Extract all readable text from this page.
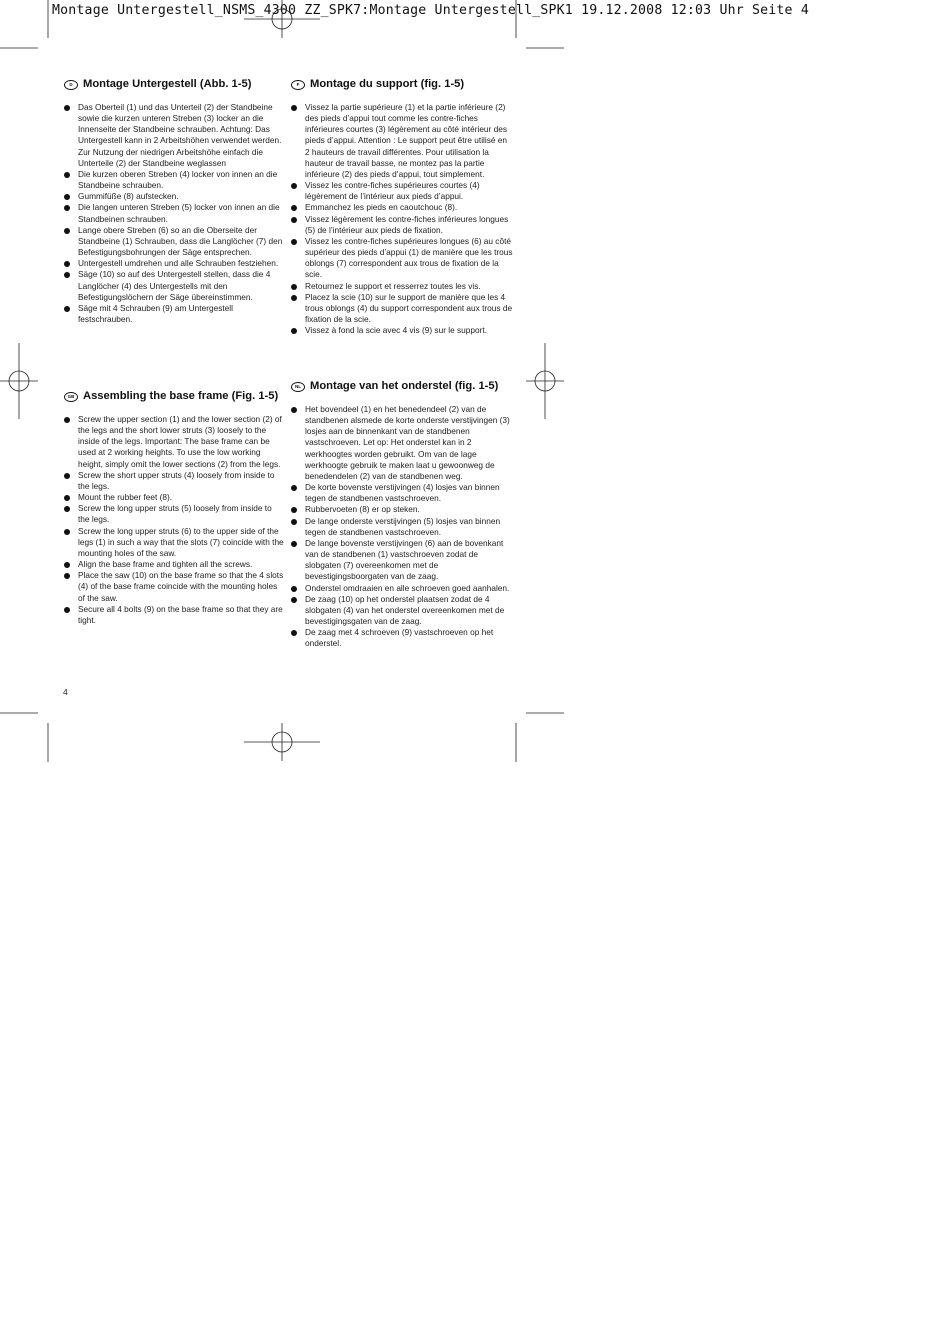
Montage Untergestell_NSMS_4300 ZZ_SPK7:Montage Untergestell_SPK1 19.12.2008 12:03 Uhr Seite 4
D Montage Untergestell (Abb. 1-5)
Das Oberteil (1) und das Unterteil (2) der Standbeine sowie die kurzen unteren Streben (3) locker an die Innenseite der Standbeine schrauben. Achtung: Das Untergestell kann in 2 Arbeitshöhen verwendet werden. Zur Nutzung der niedrigen Arbeitshöhe einfach die Unterteile (2) der Standbeine weglassen
Die kurzen oberen Streben (4) locker von innen an die Standbeine schrauben.
Gummifüße (8) aufstecken.
Die langen unteren Streben (5) locker von innen an die Standbeinen schrauben.
Lange obere Streben (6) so an die Oberseite der Standbeine (1) Schrauben, dass die Langlöcher (7) den Befestigungsbohrungen der Säge entsprechen.
Untergestell umdrehen und alle Schrauben festziehen.
Säge (10) so auf des Untergestell stellen, dass die 4 Langlöcher (4) des Untergestells mit den Befestigungslöchern der Säge übereinstimmen.
Säge mit 4 Schrauben (9) am Untergestell festschrauben.
GB Assembling the base frame (Fig. 1-5)
Screw the upper section (1) and the lower section (2) of the legs and the short lower struts (3) loosely to the inside of the legs. Important: The base frame can be used at 2 working heights. To use the low working height, simply omit the lower sections (2) from the legs.
Screw the short upper struts (4) loosely from inside to the legs.
Mount the rubber feet (8).
Screw the long upper struts (5) loosely from inside to the legs.
Screw the long upper struts (6) to the upper side of the legs (1) in such a way that the slots (7) coincide with the mounting holes of the saw.
Align the base frame and tighten all the screws.
Place the saw (10) on the base frame so that the 4 slots (4) of the base frame coincide with the mounting holes of the saw.
Secure all 4 bolts (9) on the base frame so that they are tight.
F Montage du support (fig. 1-5)
Vissez la partie supérieure (1) et la partie inférieure (2) des pieds d’appui tout comme les contre-fiches inférieures courtes (3) légèrement au côté intérieur des pieds d’appui. Attention : Le support peut être utilisé en 2 hauteurs de travail différentes. Pour utilisation la hauteur de travail basse, ne montez pas la partie inférieure (2) des pieds d’appui, tout simplement.
Vissez les contre-fiches supérieures courtes (4) légèrement de l’intérieur aux pieds d’appui.
Emmanchez les pieds en caoutchouc (8).
Vissez légèrement les contre-fiches inférieures longues (5) de l’intérieur aux pieds de fixation.
Vissez les contre-fiches supérieures longues (6) au côté supérieur des pieds d’appui (1) de manière que les trous oblongs (7) correspondent aux trous de fixation de la scie.
Retournez le support et resserrez toutes les vis.
Placez la scie (10) sur le support de manière que les 4 trous oblongs (4) du support correspondent aux trous de fixation de la scie.
Vissez à fond la scie avec 4 vis (9) sur le support.
NL Montage van het onderstel (fig. 1-5)
Het bovendeel (1) en het benedendeel (2) van de standbenen alsmede de korte onderste verstijvingen (3) losjes aan de binnenkant van de standbenen vastschroeven. Let op: Het onderstel kan in 2 werkhoogtes worden gebruikt. Om van de lage werkhoogte gebruik te maken laat u gewoonweg de benedendelen (2) van de standbenen weg.
De korte bovenste verstijvingen (4) losjes van binnen tegen de standbenen vastschroeven.
Rubbervoeten (8) er op steken.
De lange onderste verstijvingen (5) losjes van binnen tegen de standbenen vastschroeven.
De lange bovenste verstijvingen (6) aan de bovenkant van de standbenen (1) vastschroeven zodat de slobgaten (7) overeenkomen met de bevestigingsboorgaten van de zaag.
Onderstel omdraaien en alle schroeven goed aanhalen.
De zaag (10) op het onderstel plaatsen zodat de 4 slobgaten (4) van het onderstel overeenkomen met de bevestigingsgaten van de zaag.
De zaag met 4 schroeven (9) vastschroeven op het onderstel.
4
